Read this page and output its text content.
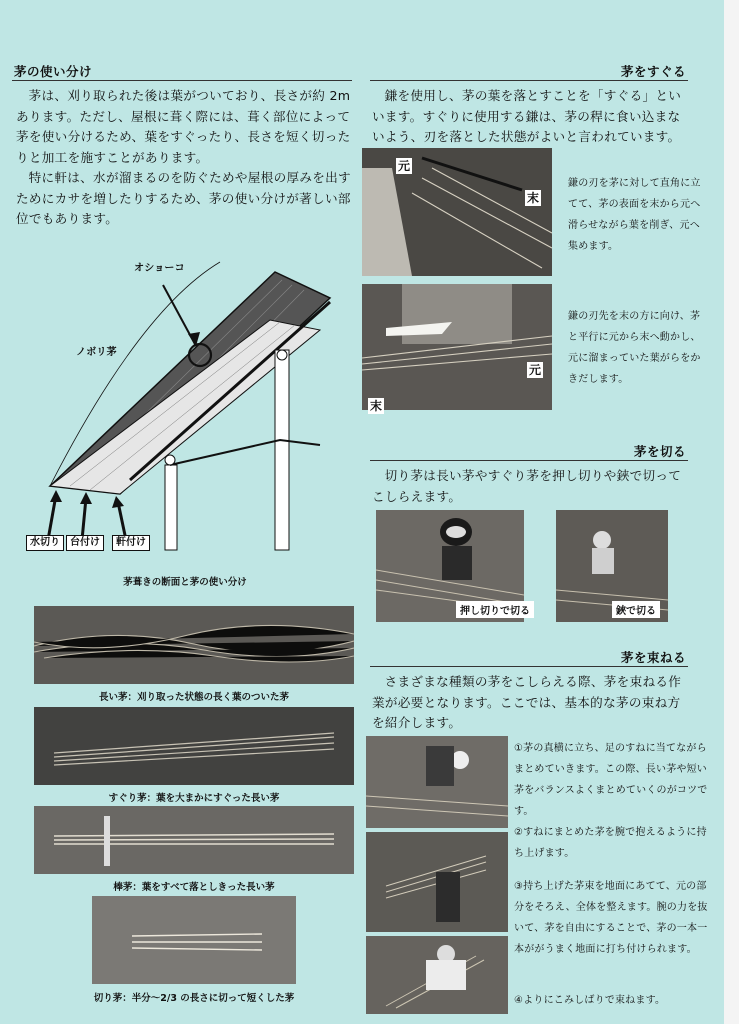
茅の使い分け

茅は、刈り取られた後は葉がついており、長さが約 2m あります。ただし、屋根に葺く際には、葺く部位によって茅を使い分けるため、葉をすぐったり、長さを短く切ったりと加工を施すことがあります。

特に軒は、水が溜まるのを防ぐためや屋根の厚みを出すためにカサを増したりするため、茅の使い分けが著しい部位でもあります。

オショーコ
ノボリ茅
水切り	台付け	軒付け
茅葺きの断面と茅の使い分け
長い茅：刈り取った状態の長く葉のついた茅
すぐり茅：葉を大まかにすぐった長い茅
棒茅：葉をすべて落としきった長い茅
切り茅：半分〜2/3 の長さに切って短くした茅
茅をすぐる

鎌を使用し、茅の葉を落とすことを「すぐる」といいます。すぐりに使用する鎌は、茅の稈に食い込まないよう、刃を落とした状態がよいと言われています。

元
末
鎌の刃を茅に対して直角に立てて、茅の表面を末から元へ滑らせながら葉を削ぎ、元へ集めます。
元
末
鎌の刃先を末の方に向け、茅と平行に元から末へ動かし、元に溜まっていた葉がらをかきだします。
茅を切る

切り茅は長い茅やすぐり茅を押し切りや鋏で切ってこしらえます。

押し切りで切る	鋏で切る
茅を束ねる

さまざまな種類の茅をこしらえる際、茅を束ねる作業が必要となります。ここでは、基本的な茅の束ね方を紹介します。

①茅の真横に立ち、足のすねに当てながらまとめていきます。この際、長い茅や短い茅をバランスよくまとめていくのがコツです。
②すねにまとめた茅を腕で抱えるように持ち上げます。
③持ち上げた茅束を地面にあてて、元の部分をそろえ、全体を整えます。腕の力を抜いて、茅を自由にすることで、茅の一本一本ががうまく地面に打ち付けられます。
④よりにこみしばりで束ねます。
